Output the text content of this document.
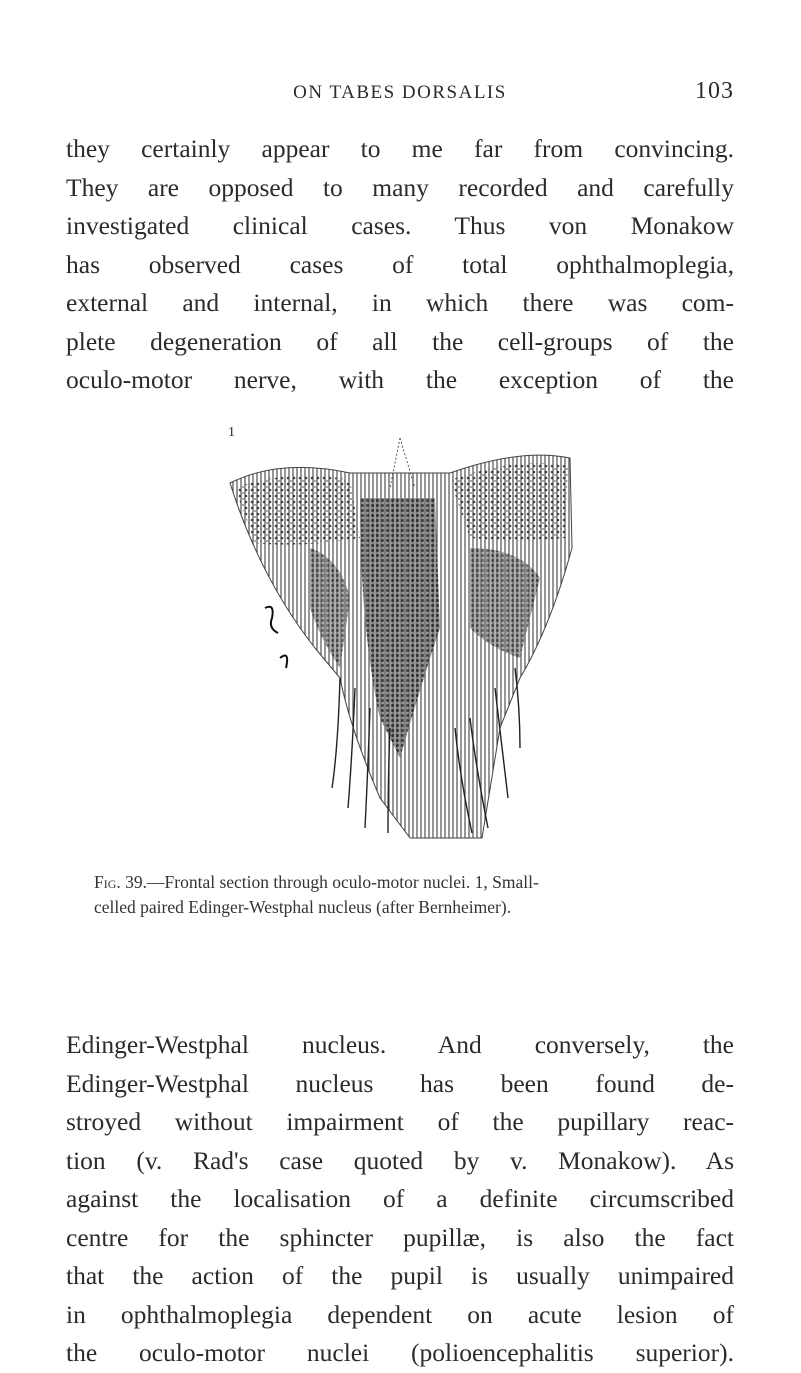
ON TABES DORSALIS	103
they certainly appear to me far from convincing.
They are opposed to many recorded and carefully
investigated clinical cases. Thus von Monakow
has observed cases of total ophthalmoplegia,
external and internal, in which there was com-
plete degeneration of all the cell-groups of the
oculo-motor nerve, with the exception of the
1
Fig. 39.—Frontal section through oculo-motor nuclei. 1, Small-
celled paired Edinger-Westphal nucleus (after Bernheimer).
Edinger-Westphal nucleus. And conversely, the
Edinger-Westphal nucleus has been found de-
stroyed without impairment of the pupillary reac-
tion (v. Rad's case quoted by v. Monakow). As
against the localisation of a definite circumscribed
centre for the sphincter pupillæ, is also the fact
that the action of the pupil is usually unimpaired
in ophthalmoplegia dependent on acute lesion of
the oculo-motor nuclei (polioencephalitis superior).
